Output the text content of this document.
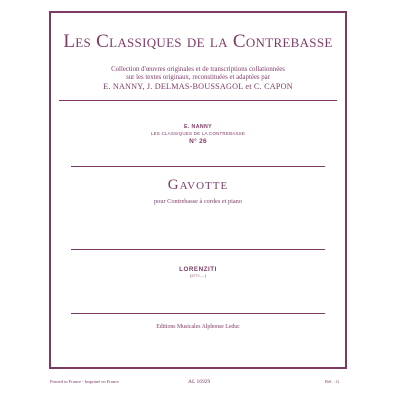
Les Classiques de la Contrebasse
Collection d'œuvres originales et de transcriptions collationnées
sur les textes originaux, reconstituées et adaptées par
E. NANNY, J. DELMAS-BOUSSAGOL et C. CAPON
E. NANNY
LES CLASSIQUES DE LA CONTREBASSE
N° 26
Gavotte
pour Contrebasse à cordes et piano
LORENZITI
(17??-....)
Editions Musicales Alphonse Leduc
Printed in France - Imprimé en France	AL 16929	Réf. : G
